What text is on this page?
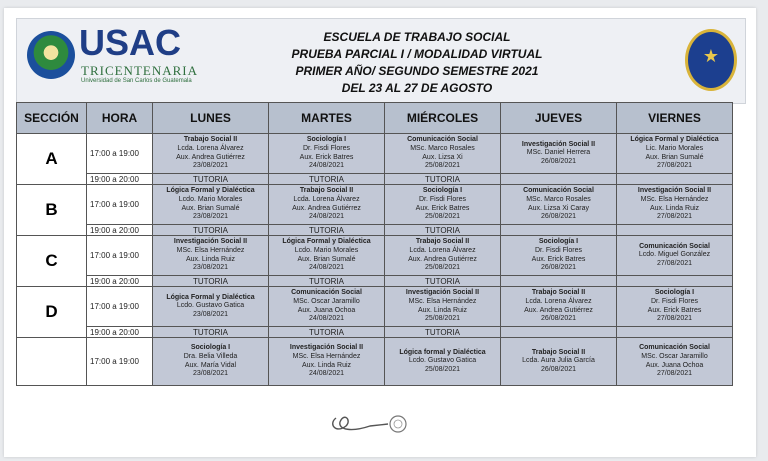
USAC
TRICENTENARIA
Universidad de San Carlos de Guatemala
ESCUELA DE TRABAJO SOCIAL
PRUEBA PARCIAL I / MODALIDAD VIRTUAL
PRIMER AÑO/ SEGUNDO SEMESTRE 2021
DEL 23 AL 27 DE AGOSTO
★
SECCIÓN	HORA	LUNES	MARTES	MIÉRCOLES	JUEVES	VIERNES
A	17:00 a 19:00	Trabajo Social II
Lcda. Lorena Álvarez
Aux. Andrea Gutiérrez
23/08/2021	Sociología I
Dr. Fisdi Flores
Aux. Erick Batres
24/08/2021	Comunicación Social
MSc. Marco Rosales
Aux. Lizsa Xi
25/08/2021	Investigación Social II
MSc. Daniel Herrera
26/08/2021	Lógica Formal y Dialéctica
Lic. Mario Morales
Aux. Brian Sumalé
27/08/2021

	19:00 a 20:00	TUTORIA	TUTORIA	TUTORIA		
B	17:00 a 19:00	Lógica Formal y Dialéctica
Lcdo. Mario Morales
Aux. Brian Sumalé
23/08/2021	Trabajo Social II
Lcda. Lorena Álvarez
Aux. Andrea Gutiérrez
24/08/2021	Sociología I
Dr. Fisdi Flores
Aux. Erick Batres
25/08/2021	Comunicación Social
MSc. Marco Rosales
Aux. Lizsa Xi Caray
26/08/2021	Investigación Social II
MSc. Elsa Hernández
Aux. Linda Ruiz
27/08/2021

	19:00 a 20:00	TUTORIA	TUTORIA	TUTORIA		
C	17:00 a 19:00	Investigación Social II
MSc. Elsa Hernández
Aux. Linda Ruiz
23/08/2021	Lógica Formal y Dialéctica
Lcdo. Mario Morales
Aux. Brian Sumalé
24/08/2021	Trabajo Social II
Lcda. Lorena Álvarez
Aux. Andrea Gutiérrez
25/08/2021	Sociología I
Dr. Fisdi Flores
Aux. Erick Batres
26/08/2021	Comunicación Social
Lcdo. Miguel González
27/08/2021

	19:00 a 20:00	TUTORIA	TUTORIA	TUTORIA		
D	17:00 a 19:00	Lógica Formal y Dialéctica
Lcdo. Gustavo Gatica
23/08/2021	Comunicación Social
MSc. Oscar Jaramillo
Aux. Juana Ochoa
24/08/2021	Investigación Social II
MSc. Elsa Hernández
Aux. Linda Ruiz
25/08/2021	Trabajo Social II
Lcda. Lorena Álvarez
Aux. Andrea Gutiérrez
26/08/2021	Sociología I
Dr. Fisdi Flores
Aux. Erick Batres
27/08/2021

	19:00 a 20:00	TUTORIA	TUTORIA	TUTORIA		
	17:00 a 19:00	Sociología I
Dra. Belia Villeda
Aux. María Vidal
23/08/2021	Investigación Social II
MSc. Elsa Hernández
Aux. Linda Ruiz
24/08/2021	Lógica formal y Dialéctica
Lcdo. Gustavo Gatica
25/08/2021	Trabajo Social II
Lcda. Aura Julia García
26/08/2021	Comunicación Social
MSc. Oscar Jaramillo
Aux. Juana Ochoa
27/08/2021
